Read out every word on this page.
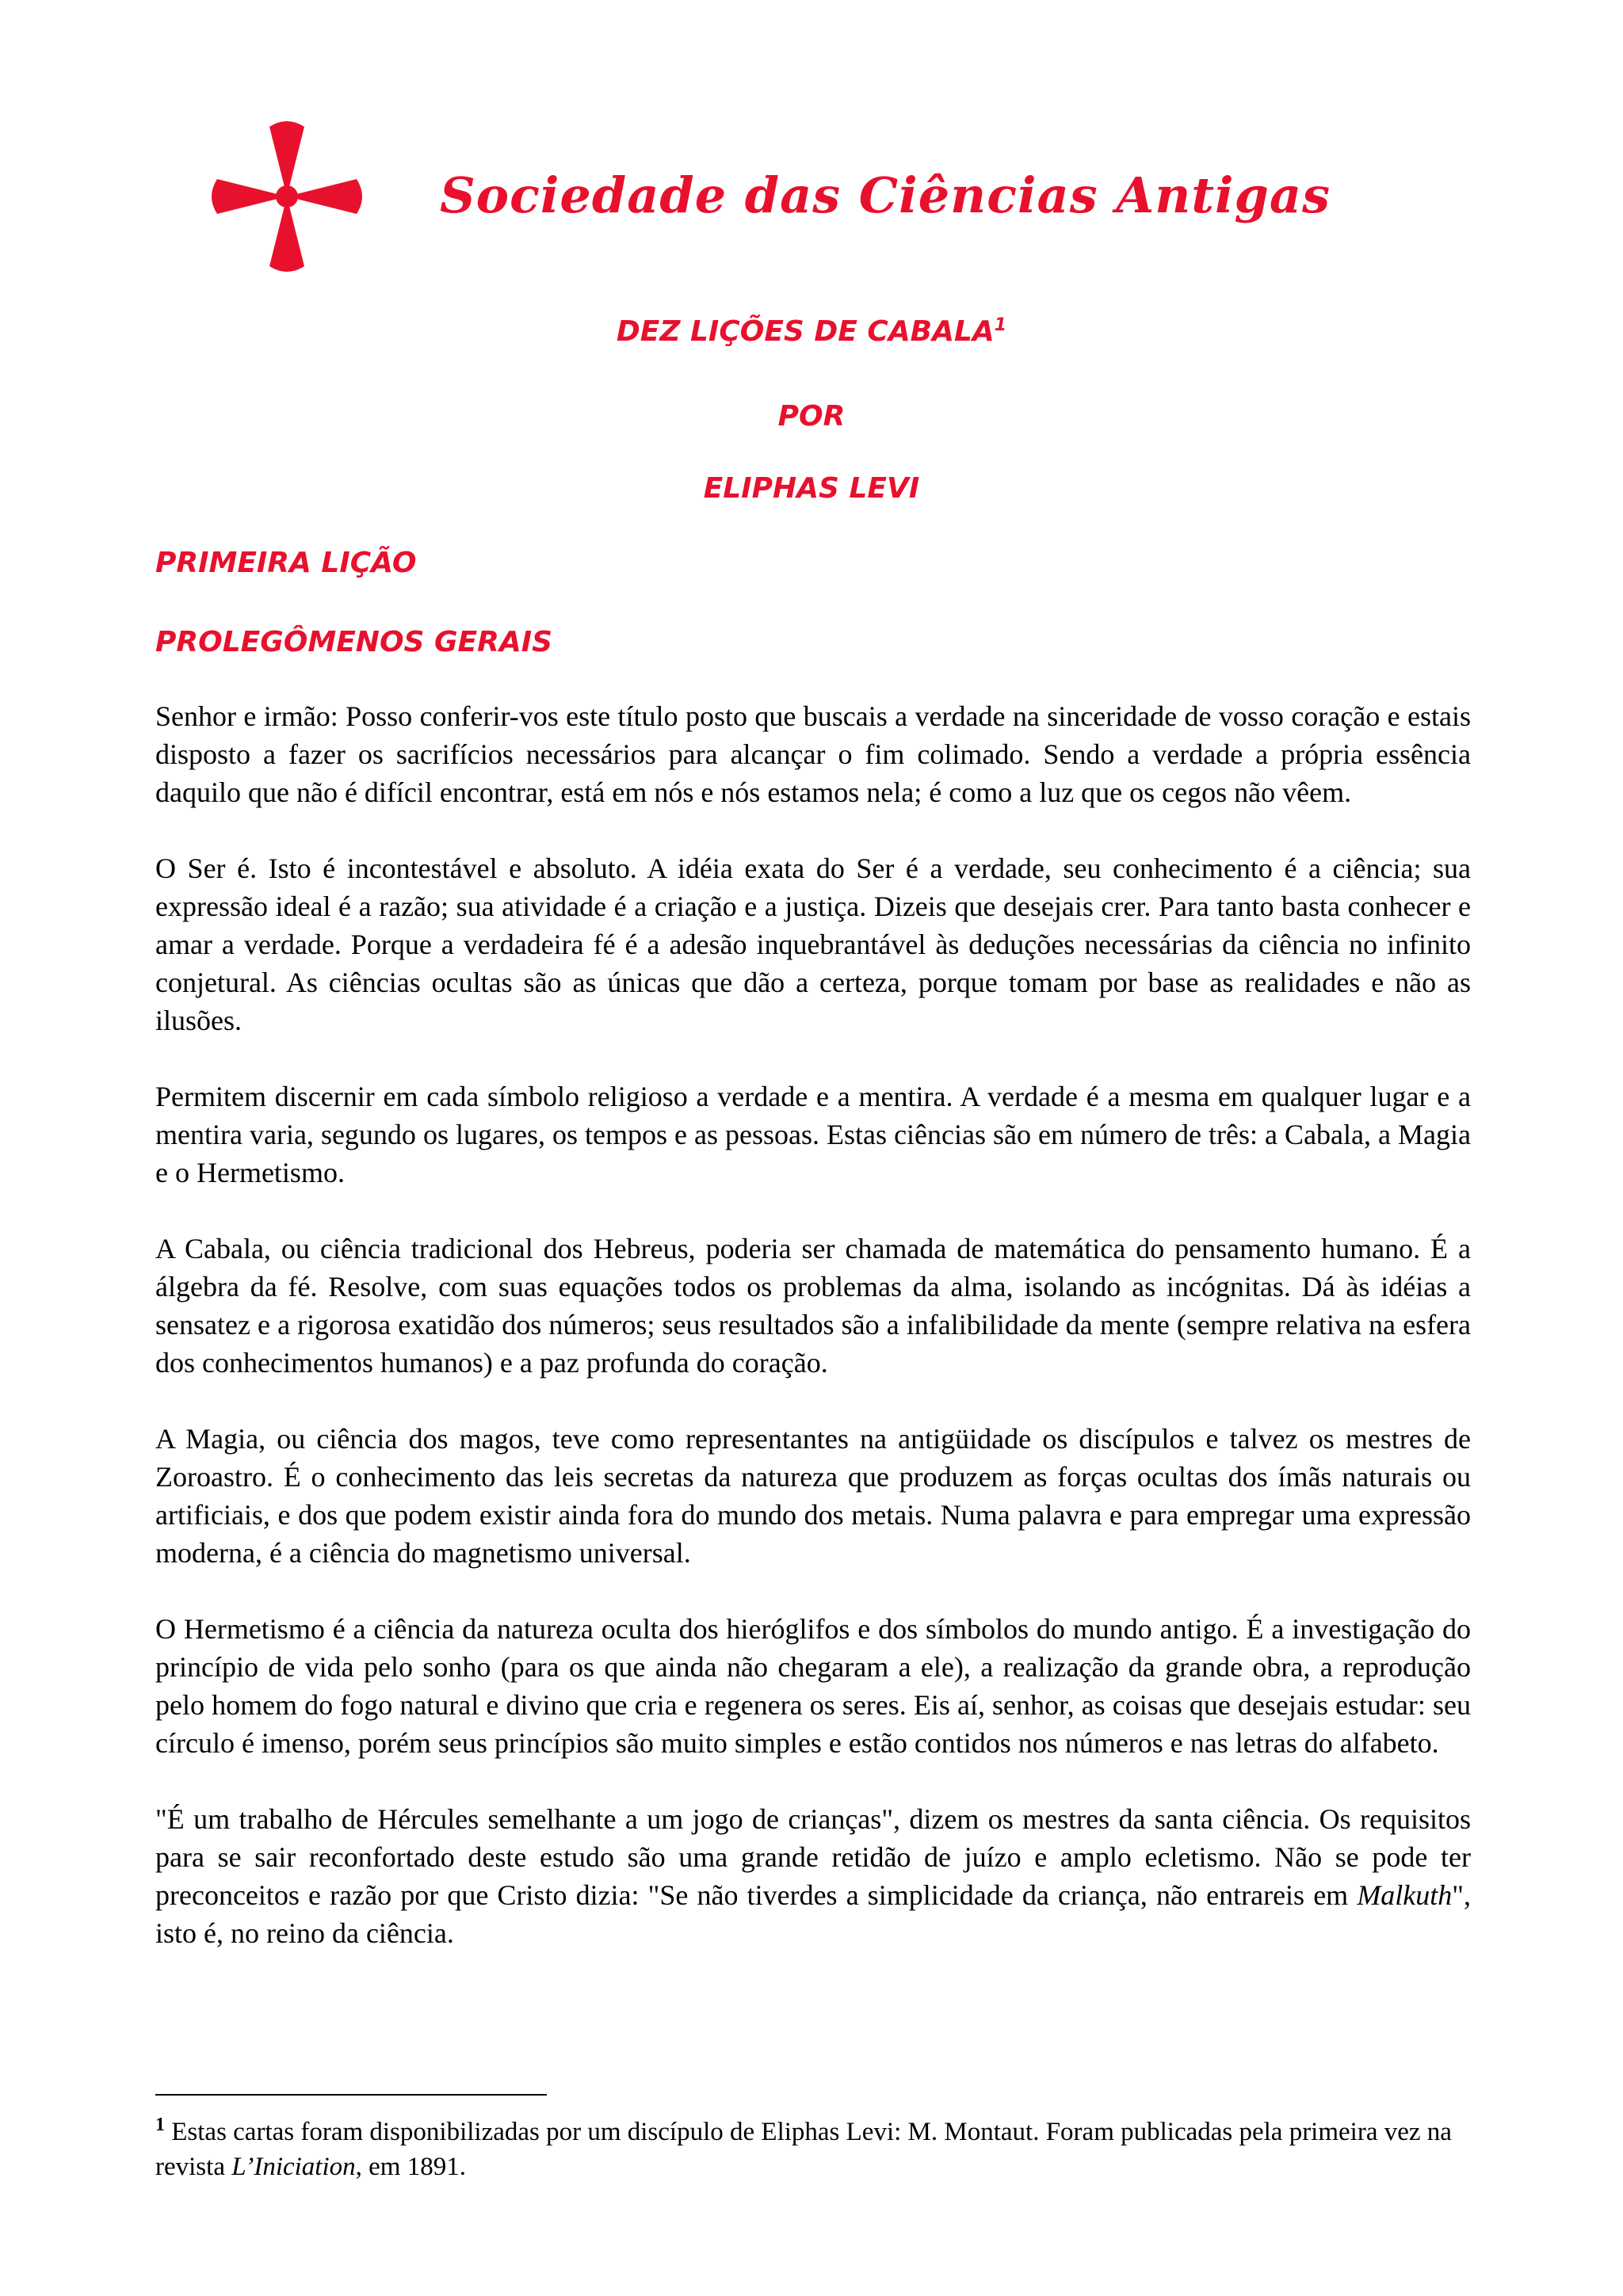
Sociedade das Ciências Antigas
DEZ LIÇÕES DE CABALA$^1$
POR
ELIPHAS LEVI
PRIMEIRA LIÇÃO
PROLEGÔMENOS GERAIS

Senhor e irmão: Posso conferir-vos este título posto que buscais a verdade na sinceridade de vosso coração e estais disposto a fazer os sacrifícios necessários para alcançar o fim colimado. Sendo a verdade a própria essência daquilo que não é difícil encontrar, está em nós e nós estamos nela; é como a luz que os cegos não vêem.

O Ser é. Isto é incontestável e absoluto. A idéia exata do Ser é a verdade, seu conhecimento é a ciência; sua expressão ideal é a razão; sua atividade é a criação e a justiça. Dizeis que desejais crer. Para tanto basta conhecer e amar a verdade. Porque a verdadeira fé é a adesão inquebrantável às deduções necessárias da ciência no infinito conjetural. As ciências ocultas são as únicas que dão a certeza, porque tomam por base as realidades e não as ilusões.

Permitem discernir em cada símbolo religioso a verdade e a mentira. A verdade é a mesma em qualquer lugar e a mentira varia, segundo os lugares, os tempos e as pessoas. Estas ciências são em número de três: a Cabala, a Magia e o Hermetismo.

A Cabala, ou ciência tradicional dos Hebreus, poderia ser chamada de matemática do pensamento humano. É a álgebra da fé. Resolve, com suas equações todos os problemas da alma, isolando as incógnitas. Dá às idéias a sensatez e a rigorosa exatidão dos números; seus resultados são a infalibilidade da mente (sempre relativa na esfera dos conhecimentos humanos) e a paz profunda do coração.

A Magia, ou ciência dos magos, teve como representantes na antigüidade os discípulos e talvez os mestres de Zoroastro. É o conhecimento das leis secretas da natureza que produzem as forças ocultas dos ímãs naturais ou artificiais, e dos que podem existir ainda fora do mundo dos metais. Numa palavra e para empregar uma expressão moderna, é a ciência do magnetismo universal.

O Hermetismo é a ciência da natureza oculta dos hieróglifos e dos símbolos do mundo antigo. É a investigação do princípio de vida pelo sonho (para os que ainda não chegaram a ele), a realização da grande obra, a reprodução pelo homem do fogo natural e divino que cria e regenera os seres. Eis aí, senhor, as coisas que desejais estudar: seu círculo é imenso, porém seus princípios são muito simples e estão contidos nos números e nas letras do alfabeto.

"É um trabalho de Hércules semelhante a um jogo de crianças", dizem os mestres da santa ciência. Os requisitos para se sair reconfortado deste estudo são uma grande retidão de juízo e amplo ecletismo. Não se pode ter preconceitos e razão por que Cristo dizia: "Se não tiverdes a simplicidade da criança, não entrareis em Malkuth", isto é, no reino da ciência.

$^1$ Estas cartas foram disponibilizadas por um discípulo de Eliphas Levi: M. Montaut. Foram publicadas pela primeira vez na revista L’Iniciation, em 1891.
